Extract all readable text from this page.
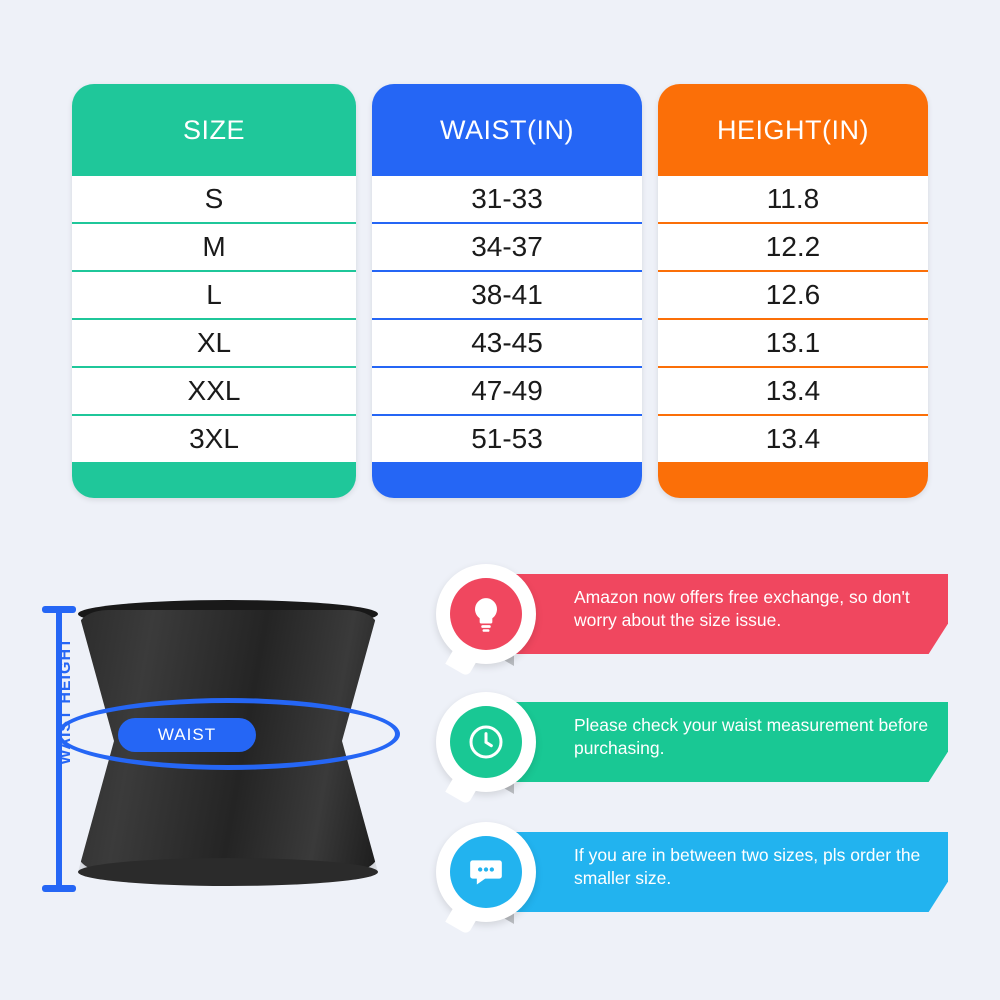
SIZE
S
M
L
XL
XXL
3XL
WAIST(IN)
31-33
34-37
38-41
43-45
47-49
51-53
HEIGHT(IN)
11.8
12.2
12.6
13.1
13.4
13.4
WAIST
WAIST HEIGHT
Amazon now offers free exchange, so don't worry about the size issue.
Please check your waist measurement before purchasing.
If you are in between two sizes, pls order the smaller size.
